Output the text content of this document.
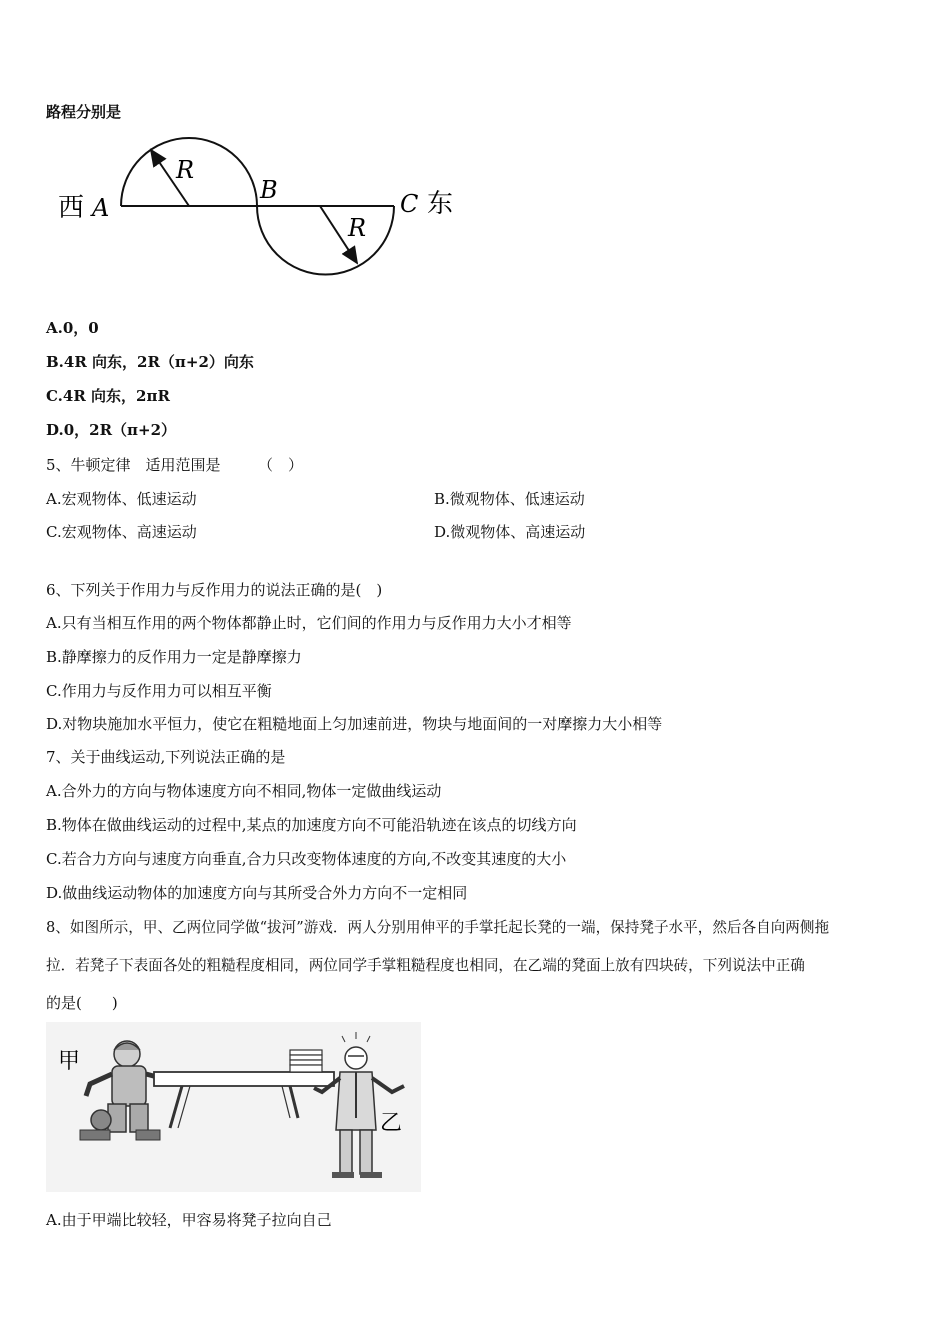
路程分别是
西 A
R
B
R
C 东
A.0，0
B.4R 向东，2R（π+2）向东
C.4R 向东，2πR
D.0，2R（π+2）
5、牛顿定律　适用范围是　　　（　）
A.宏观物体、低速运动	B.微观物体、低速运动
C.宏观物体、高速运动	D.微观物体、高速运动
6、下列关于作用力与反作用力的说法正确的是(　)
A.只有当相互作用的两个物体都静止时，它们间的作用力与反作用力大小才相等
B.静摩擦力的反作用力一定是静摩擦力
C.作用力与反作用力可以相互平衡
D.对物块施加水平恒力，使它在粗糙地面上匀加速前进，物块与地面间的一对摩擦力大小相等
7、关于曲线运动,下列说法正确的是
A.合外力的方向与物体速度方向不相同,物体一定做曲线运动
B.物体在做曲线运动的过程中,某点的加速度方向不可能沿轨迹在该点的切线方向
C.若合力方向与速度方向垂直,合力只改变物体速度的方向,不改变其速度的大小
D.做曲线运动物体的加速度方向与其所受合外力方向不一定相同
8、如图所示，甲、乙两位同学做“拔河”游戏．两人分别用伸平的手掌托起长凳的一端，保持凳子水平，然后各自向两侧拖
拉．若凳子下表面各处的粗糙程度相同，两位同学手掌粗糙程度也相同，在乙端的凳面上放有四块砖，下列说法中正确
的是(　　)
甲
乙
A.由于甲端比较轻，甲容易将凳子拉向自己
